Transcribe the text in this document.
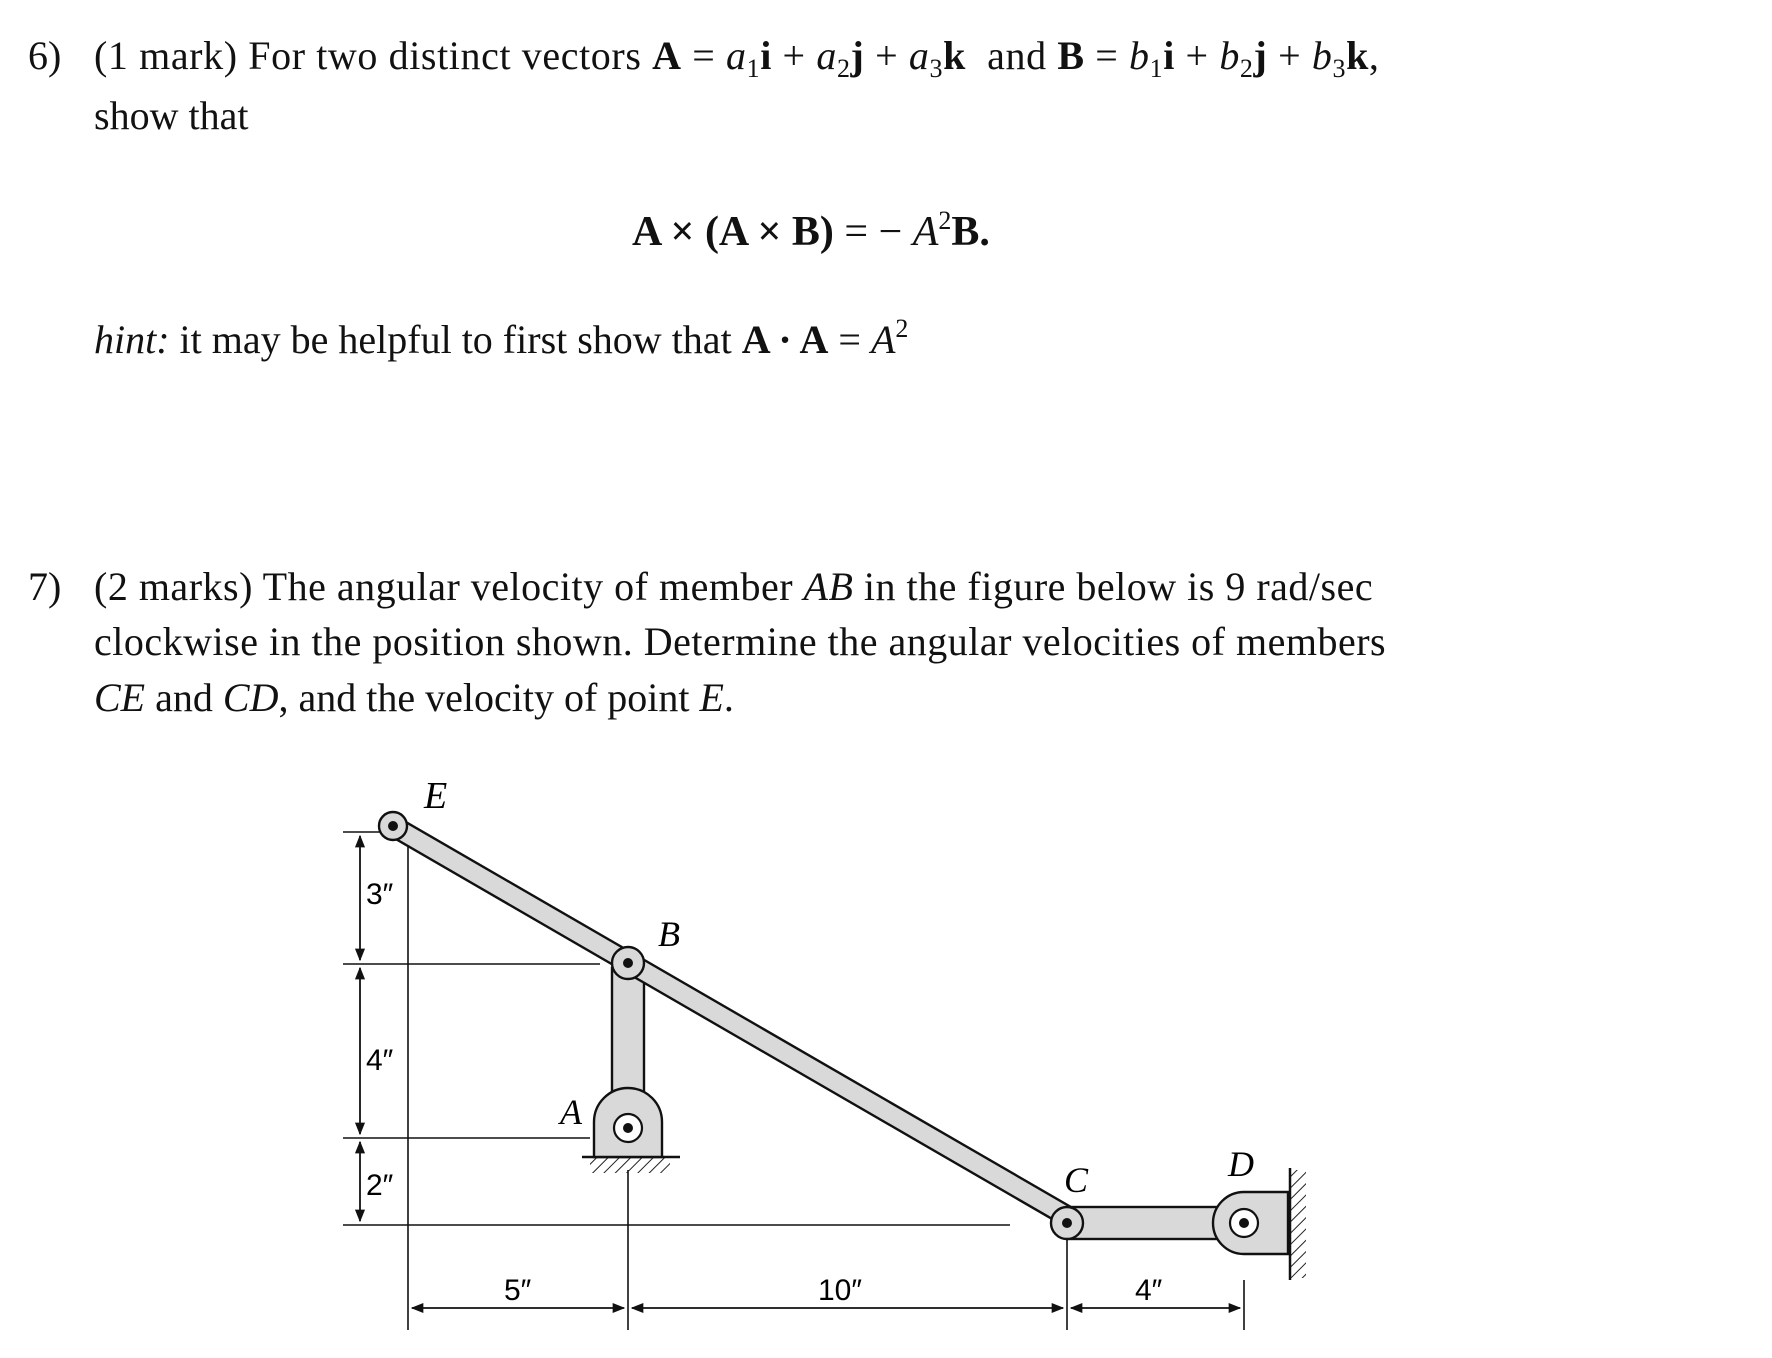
6) (1 mark) For two distinct vectors $A = a_1i + a_2j + a_3k$ and $B = b_1i + b_2j + b_3k$,
show that
A × (A × B) = − $A^2B$.
hint: it may be helpful to first show that $A \cdot A = A^2$
7) (2 marks) The angular velocity of member AB in the figure below is 9 rad/sec
clockwise in the position shown. Determine the angular velocities of members
CE and CD, and the velocity of point E.
3″
4″
2″
5″	10″	4″
E
B
A
C	D
